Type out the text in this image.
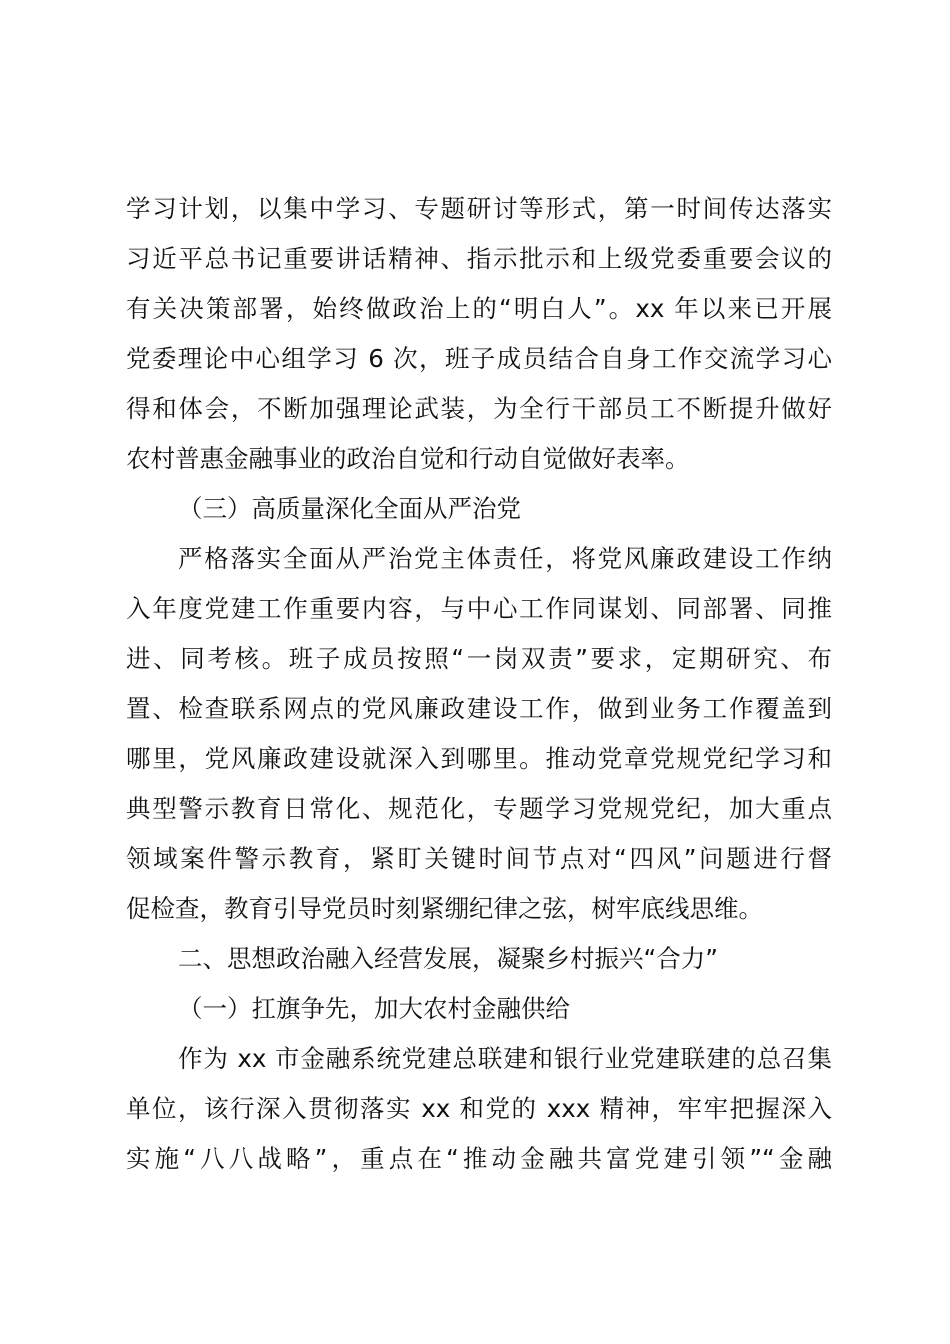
学习计划，以集中学习、专题研讨等形式，第一时间传达落实
习近平总书记重要讲话精神、指示批示和上级党委重要会议的
有关决策部署，始终做政治上的“明白人”。xx 年以来已开展
党委理论中心组学习 6 次，班子成员结合自身工作交流学习心
得和体会，不断加强理论武装，为全行干部员工不断提升做好
农村普惠金融事业的政治自觉和行动自觉做好表率。
（三）高质量深化全面从严治党
严格落实全面从严治党主体责任，将党风廉政建设工作纳
入年度党建工作重要内容，与中心工作同谋划、同部署、同推
进、同考核。班子成员按照“一岗双责”要求，定期研究、布
置、检查联系网点的党风廉政建设工作，做到业务工作覆盖到
哪里，党风廉政建设就深入到哪里。推动党章党规党纪学习和
典型警示教育日常化、规范化，专题学习党规党纪，加大重点
领域案件警示教育，紧盯关键时间节点对“四风”问题进行督
促检查，教育引导党员时刻紧绷纪律之弦，树牢底线思维。
二、思想政治融入经营发展，凝聚乡村振兴“合力”
（一）扛旗争先，加大农村金融供给
作为 xx 市金融系统党建总联建和银行业党建联建的总召集
单位，该行深入贯彻落实 xx 和党的 xxx 精神，牢牢把握深入
实施“八八战略”，重点在“推动金融共富党建引领”“金融
